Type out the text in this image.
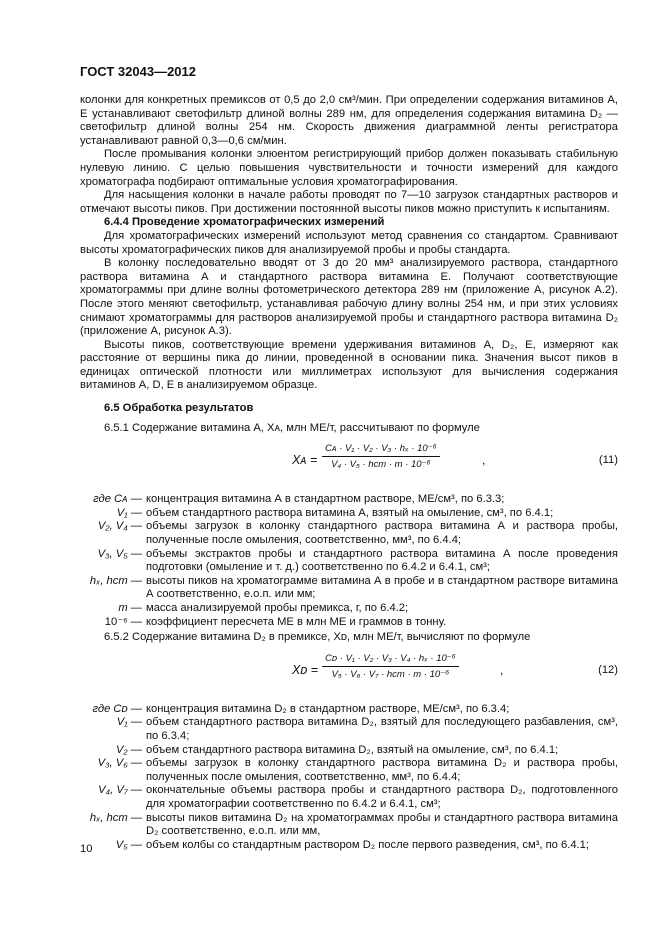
ГОСТ 32043—2012

колонки для конкретных премиксов от 0,5 до 2,0 см³/мин. При определении содержания витаминов А, Е устанавливают светофильтр длиной волны 289 нм, для определения содержания витамина D₂ — светофильтр длиной волны 254 нм. Скорость движения диаграммной ленты регистратора устанавливают равной 0,3—0,6 см/мин.

После промывания колонки элюентом регистрирующий прибор должен показывать стабильную нулевую линию. С целью повышения чувствительности и точности измерений для каждого хроматографа подбирают оптимальные условия хроматографирования.

Для насыщения колонки в начале работы проводят по 7—10 загрузок стандартных растворов и отмечают высоты пиков. При достижении постоянной высоты пиков можно приступить к испытаниям.

6.4.4 Проведение хроматографических измерений

Для хроматографических измерений используют метод сравнения со стандартом. Сравнивают высоты хроматографических пиков для анализируемой пробы и пробы стандарта.

В колонку последовательно вводят от 3 до 20 мм³ анализируемого раствора, стандартного раствора витамина А и стандартного раствора витамина Е. Получают соответствующие хроматограммы при длине волны фотометрического детектора 289 нм (приложение А, рисунок А.2). После этого меняют светофильтр, устанавливая рабочую длину волны 254 нм, и при этих условиях снимают хроматограммы для растворов анализируемой пробы и стандартного раствора витамина D₂ (приложение А, рисунок А.3).

Высоты пиков, соответствующие времени удерживания витаминов А, D₂, Е, измеряют как расстояние от вершины пика до линии, проведенной в основании пика. Значения высот пиков в единицах оптической плотности или миллиметрах используют для вычисления содержания витаминов А, D, Е в анализируемом образце.

6.5 Обработка результатов

6.5.1 Содержание витамина А, Xᴀ, млн МЕ/т, рассчитывают по формуле

Xᴀ =
Cᴀ · V₁ · V₂ · V₃ · hₓ · 10⁻⁶
V₄ · V₅ · hст · m · 10⁻⁶	,	(11)
где Cᴀ — концентрация витамина А в стандартном растворе, МЕ/см³, по 6.3.3;
V₁ — объем стандартного раствора витамина А, взятый на омыление, см³, по 6.4.1;
V₂, V₄ — объемы загрузок в колонку стандартного раствора витамина А и раствора пробы, полученные после омыления, соответственно, мм³, по 6.4.4;
V₃, V₅ — объемы экстрактов пробы и стандартного раствора витамина А после проведения подготовки (омыление и т. д.) соответственно по 6.4.2 и 6.4.1, см³;
hₓ, hст — высоты пиков на хроматограмме витамина А в пробе и в стандартном растворе витамина А соответственно, е.о.п. или мм;
m — масса анализируемой пробы премикса, г, по 6.4.2;
10⁻⁶ — коэффициент пересчета МЕ в млн МЕ и граммов в тонну.

6.5.2 Содержание витамина D₂ в премиксе, Xᴅ, млн МЕ/т, вычисляют по формуле

Xᴅ =
Cᴅ · V₁ · V₂ · V₃ · V₄ · hₓ · 10⁻⁶
V₅ · V₆ · V₇ · hст · m · 10⁻⁶	,	(12)
где Cᴅ — концентрация витамина D₂ в стандартном растворе, МЕ/см³, по 6.3.4;
V₁ — объем стандартного раствора витамина D₂, взятый для последующего разбавления, см³, по 6.3.4;
V₂ — объем стандартного раствора витамина D₂, взятый на омыление, см³, по 6.4.1;
V₃, V₆ — объемы загрузок в колонку стандартного раствора витамина D₂ и раствора пробы, полученных после омыления, соответственно, мм³, по 6.4.4;
V₄, V₇ — окончательные объемы раствора пробы и стандартного раствора D₂, подготовленного для хроматографии соответственно по 6.4.2 и 6.4.1, см³;
hₓ, hст — высоты пиков витамина D₂ на хроматограммах пробы и стандартного раствора витамина D₂ соответственно, е.о.п. или мм,
V₅ — объем колбы со стандартным раствором D₂ после первого разведения, см³, по 6.4.1;
10
